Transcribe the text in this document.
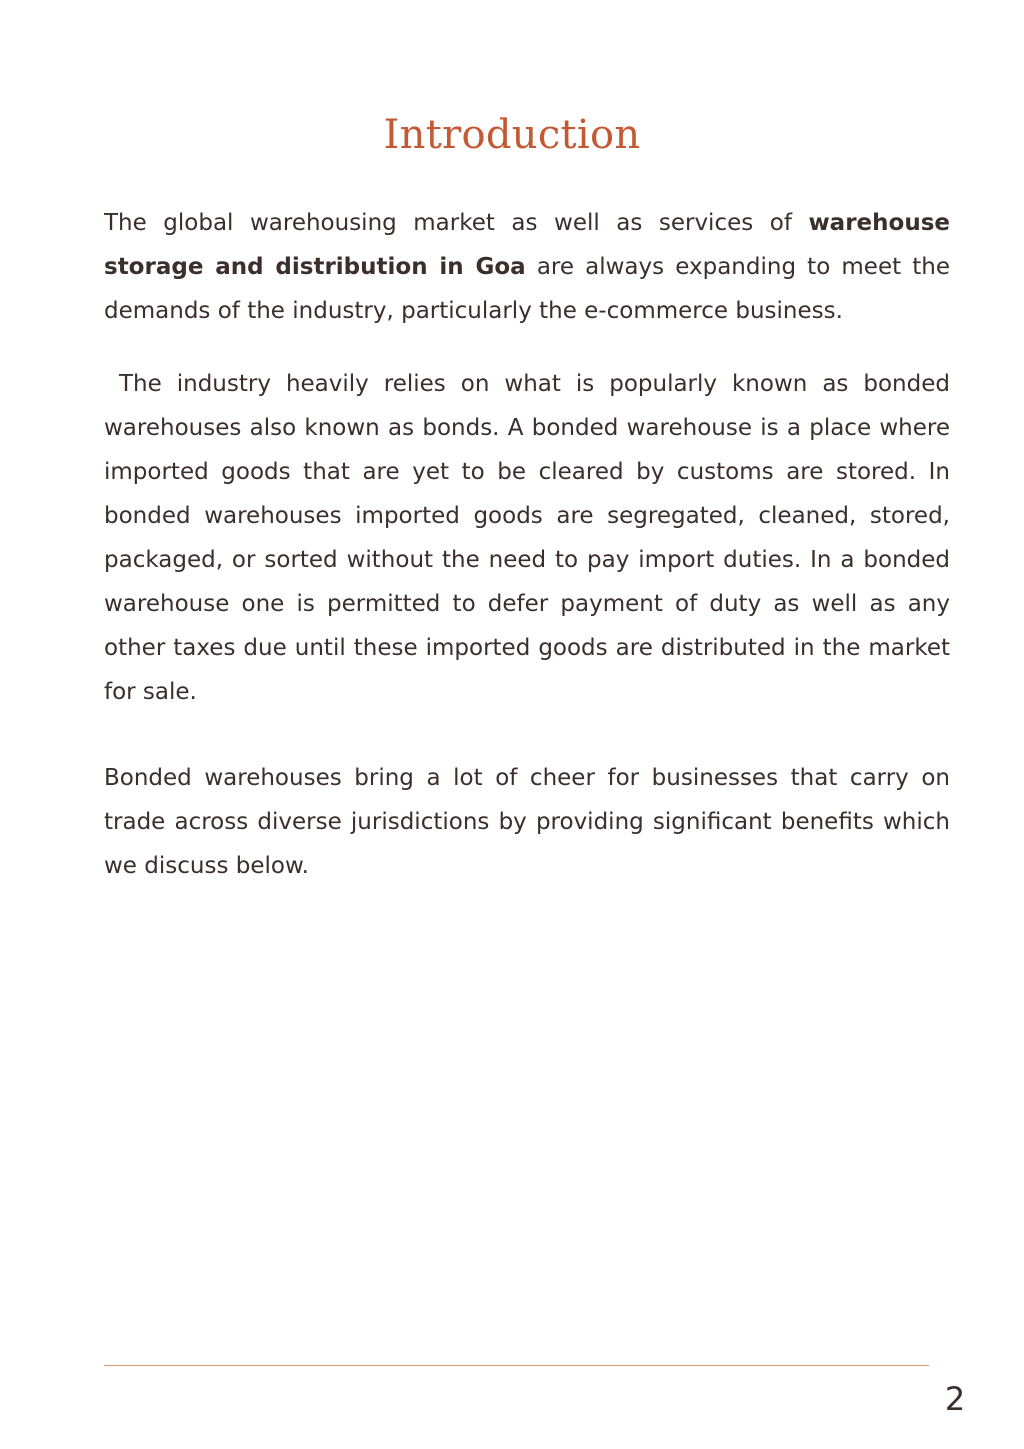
Introduction

The global warehousing market as well as services of warehouse storage and distribution in Goa are always expanding to meet the demands of the industry, particularly the e-commerce business.

The industry heavily relies on what is popularly known as bonded warehouses also known as bonds. A bonded warehouse is a place where imported goods that are yet to be cleared by customs are stored. In bonded warehouses imported goods are segregated, cleaned, stored, packaged, or sorted without the need to pay import duties. In a bonded warehouse one is permitted to defer payment of duty as well as any other taxes due until these imported goods are distributed in the market for sale.

Bonded warehouses bring a lot of cheer for businesses that carry on trade across diverse jurisdictions by providing significant benefits which we discuss below.

2
